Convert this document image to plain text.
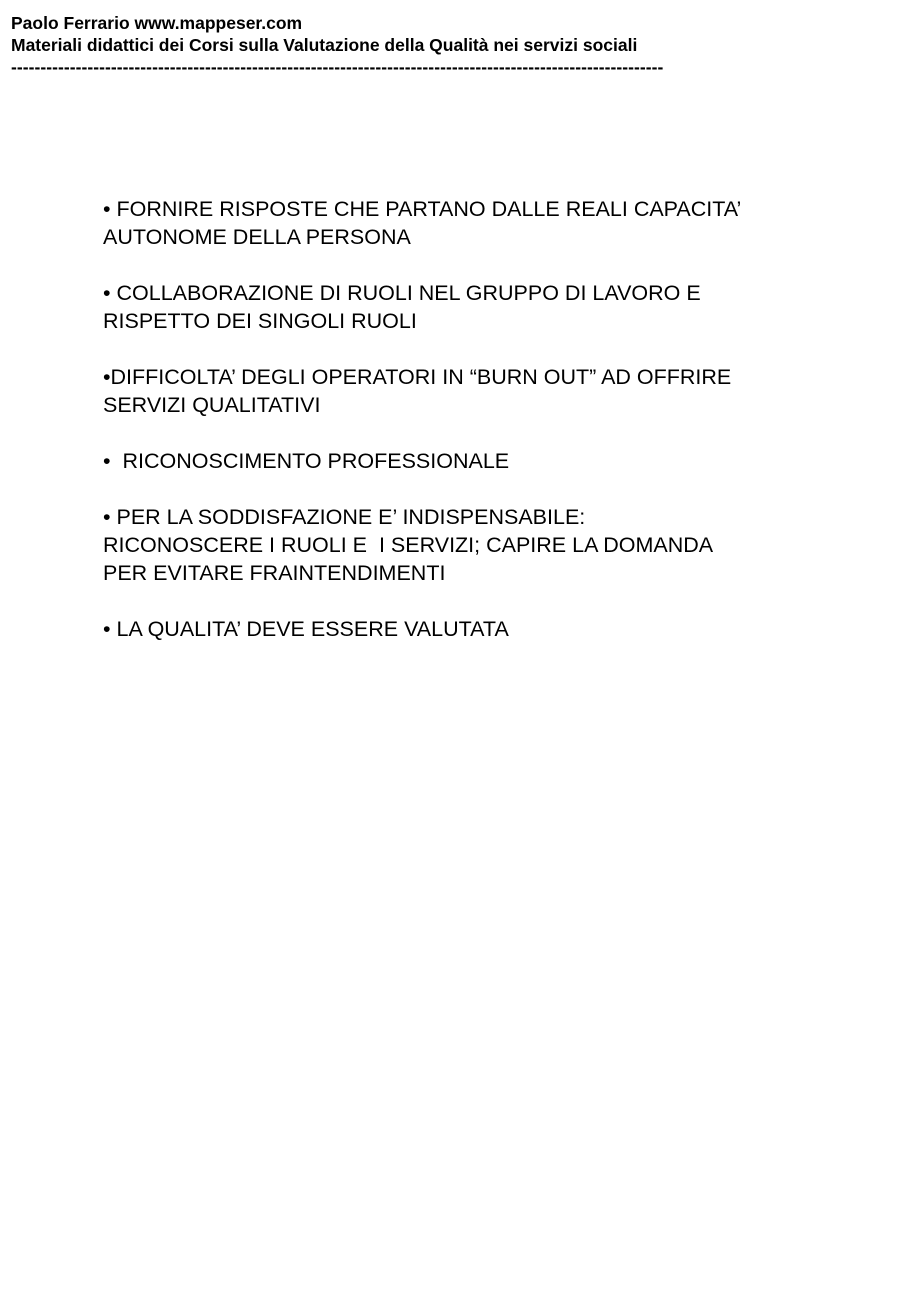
Paolo Ferrario www.mappeser.com
Materiali didattici dei Corsi sulla Valutazione della Qualità nei servizi sociali
---------------------------------------------------------------------------------------------------------------
• FORNIRE RISPOSTE CHE PARTANO DALLE REALI CAPACITA’
AUTONOME DELLA PERSONA
• COLLABORAZIONE DI RUOLI NEL GRUPPO DI LAVORO E
RISPETTO DEI SINGOLI RUOLI
•DIFFICOLTA’ DEGLI OPERATORI IN “BURN OUT” AD OFFRIRE
SERVIZI QUALITATIVI
•  RICONOSCIMENTO PROFESSIONALE
• PER LA SODDISFAZIONE E’ INDISPENSABILE:
RICONOSCERE I RUOLI E  I SERVIZI; CAPIRE LA DOMANDA
PER EVITARE FRAINTENDIMENTI
• LA QUALITA’ DEVE ESSERE VALUTATA
